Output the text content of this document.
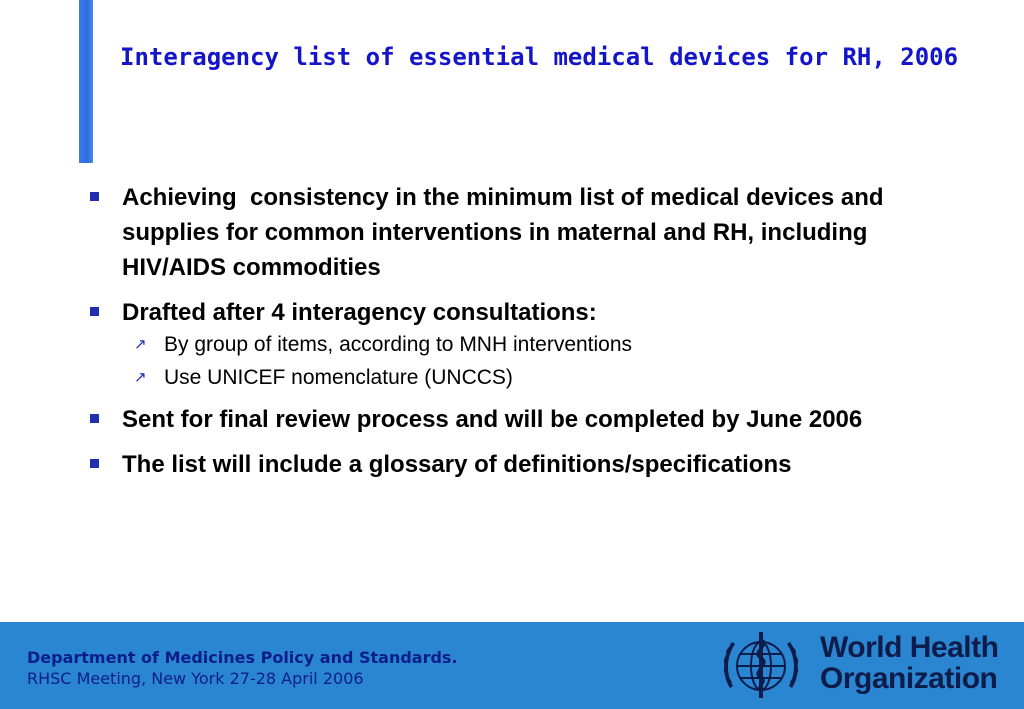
Interagency list of essential medical devices for RH, 2006
Achieving  consistency in the minimum list of medical devices and supplies for common interventions in maternal and RH, including HIV/AIDS commodities
Drafted after 4 interagency consultations:
↗ By group of items, according to MNH interventions
↗ Use UNICEF nomenclature (UNCCS)
Sent for final review process and will be completed by June 2006
The list will include a glossary of definitions/specifications
Department of Medicines Policy and Standards.
RHSC Meeting, New York 27-28 April 2006
World Health
Organization
